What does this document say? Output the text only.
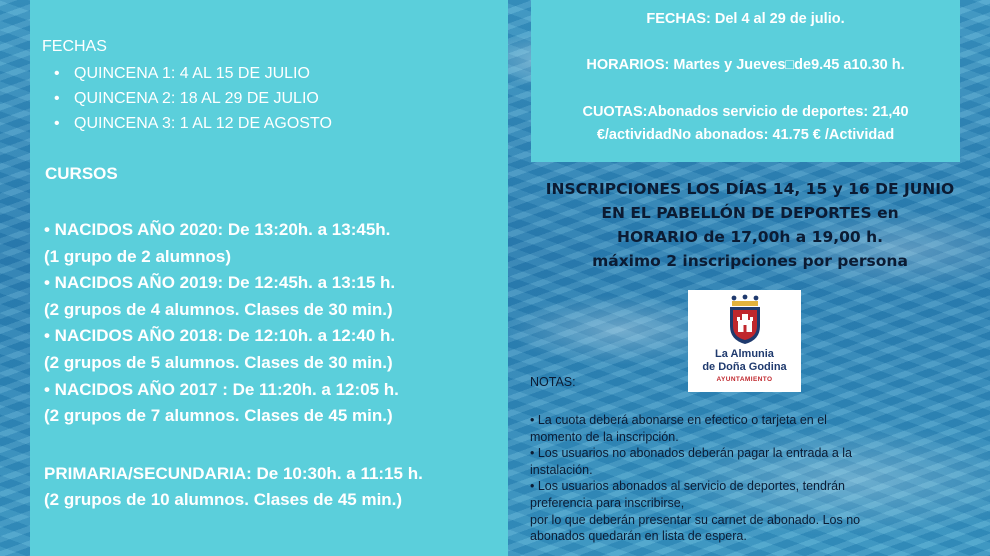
FECHAS
• QUINCENA 1: 4 AL 15 DE JULIO
• QUINCENA 2: 18 AL 29 DE JULIO
• QUINCENA 3: 1 AL 12 DE AGOSTO
CURSOS
• NACIDOS AÑO 2020: De 13:20h. a 13:45h.
(1 grupo de 2 alumnos)
• NACIDOS AÑO 2019: De 12:45h. a 13:15 h.
(2 grupos de 4 alumnos. Clases de 30 min.)
• NACIDOS AÑO 2018: De 12:10h. a 12:40 h.
(2 grupos de 5 alumnos. Clases de 30 min.)
• NACIDOS AÑO 2017 : De 11:20h. a 12:05 h.
(2 grupos de 7 alumnos. Clases de 45 min.)
PRIMARIA/SECUNDARIA: De 10:30h. a 11:15 h.
(2 grupos de 10 alumnos. Clases de 45 min.)
FECHAS: Del 4 al 29 de julio.
HORARIOS: Martes y Jueves□de9.45 a10.30 h.
CUOTAS:Abonados servicio de deportes: 21,40
€/actividadNo abonados: 41.75 € /Actividad
INSCRIPCIONES LOS DÍAS 14, 15 y 16 DE JUNIO
EN EL PABELLÓN DE DEPORTES en
HORARIO de 17,00h a 19,00 h.
máximo 2 inscripciones por persona
La Almunia
de Doña Godina
AYUNTAMIENTO
NOTAS:
• La cuota deberá abonarse en efectico o tarjeta en el
momento de la inscripción.
• Los usuarios no abonados deberán pagar la entrada a la
instalación.
• Los usuarios abonados al servicio de deportes, tendrán
preferencia para inscribirse,
por lo que deberán presentar su carnet de abonado. Los no
abonados quedarán en lista de espera.
